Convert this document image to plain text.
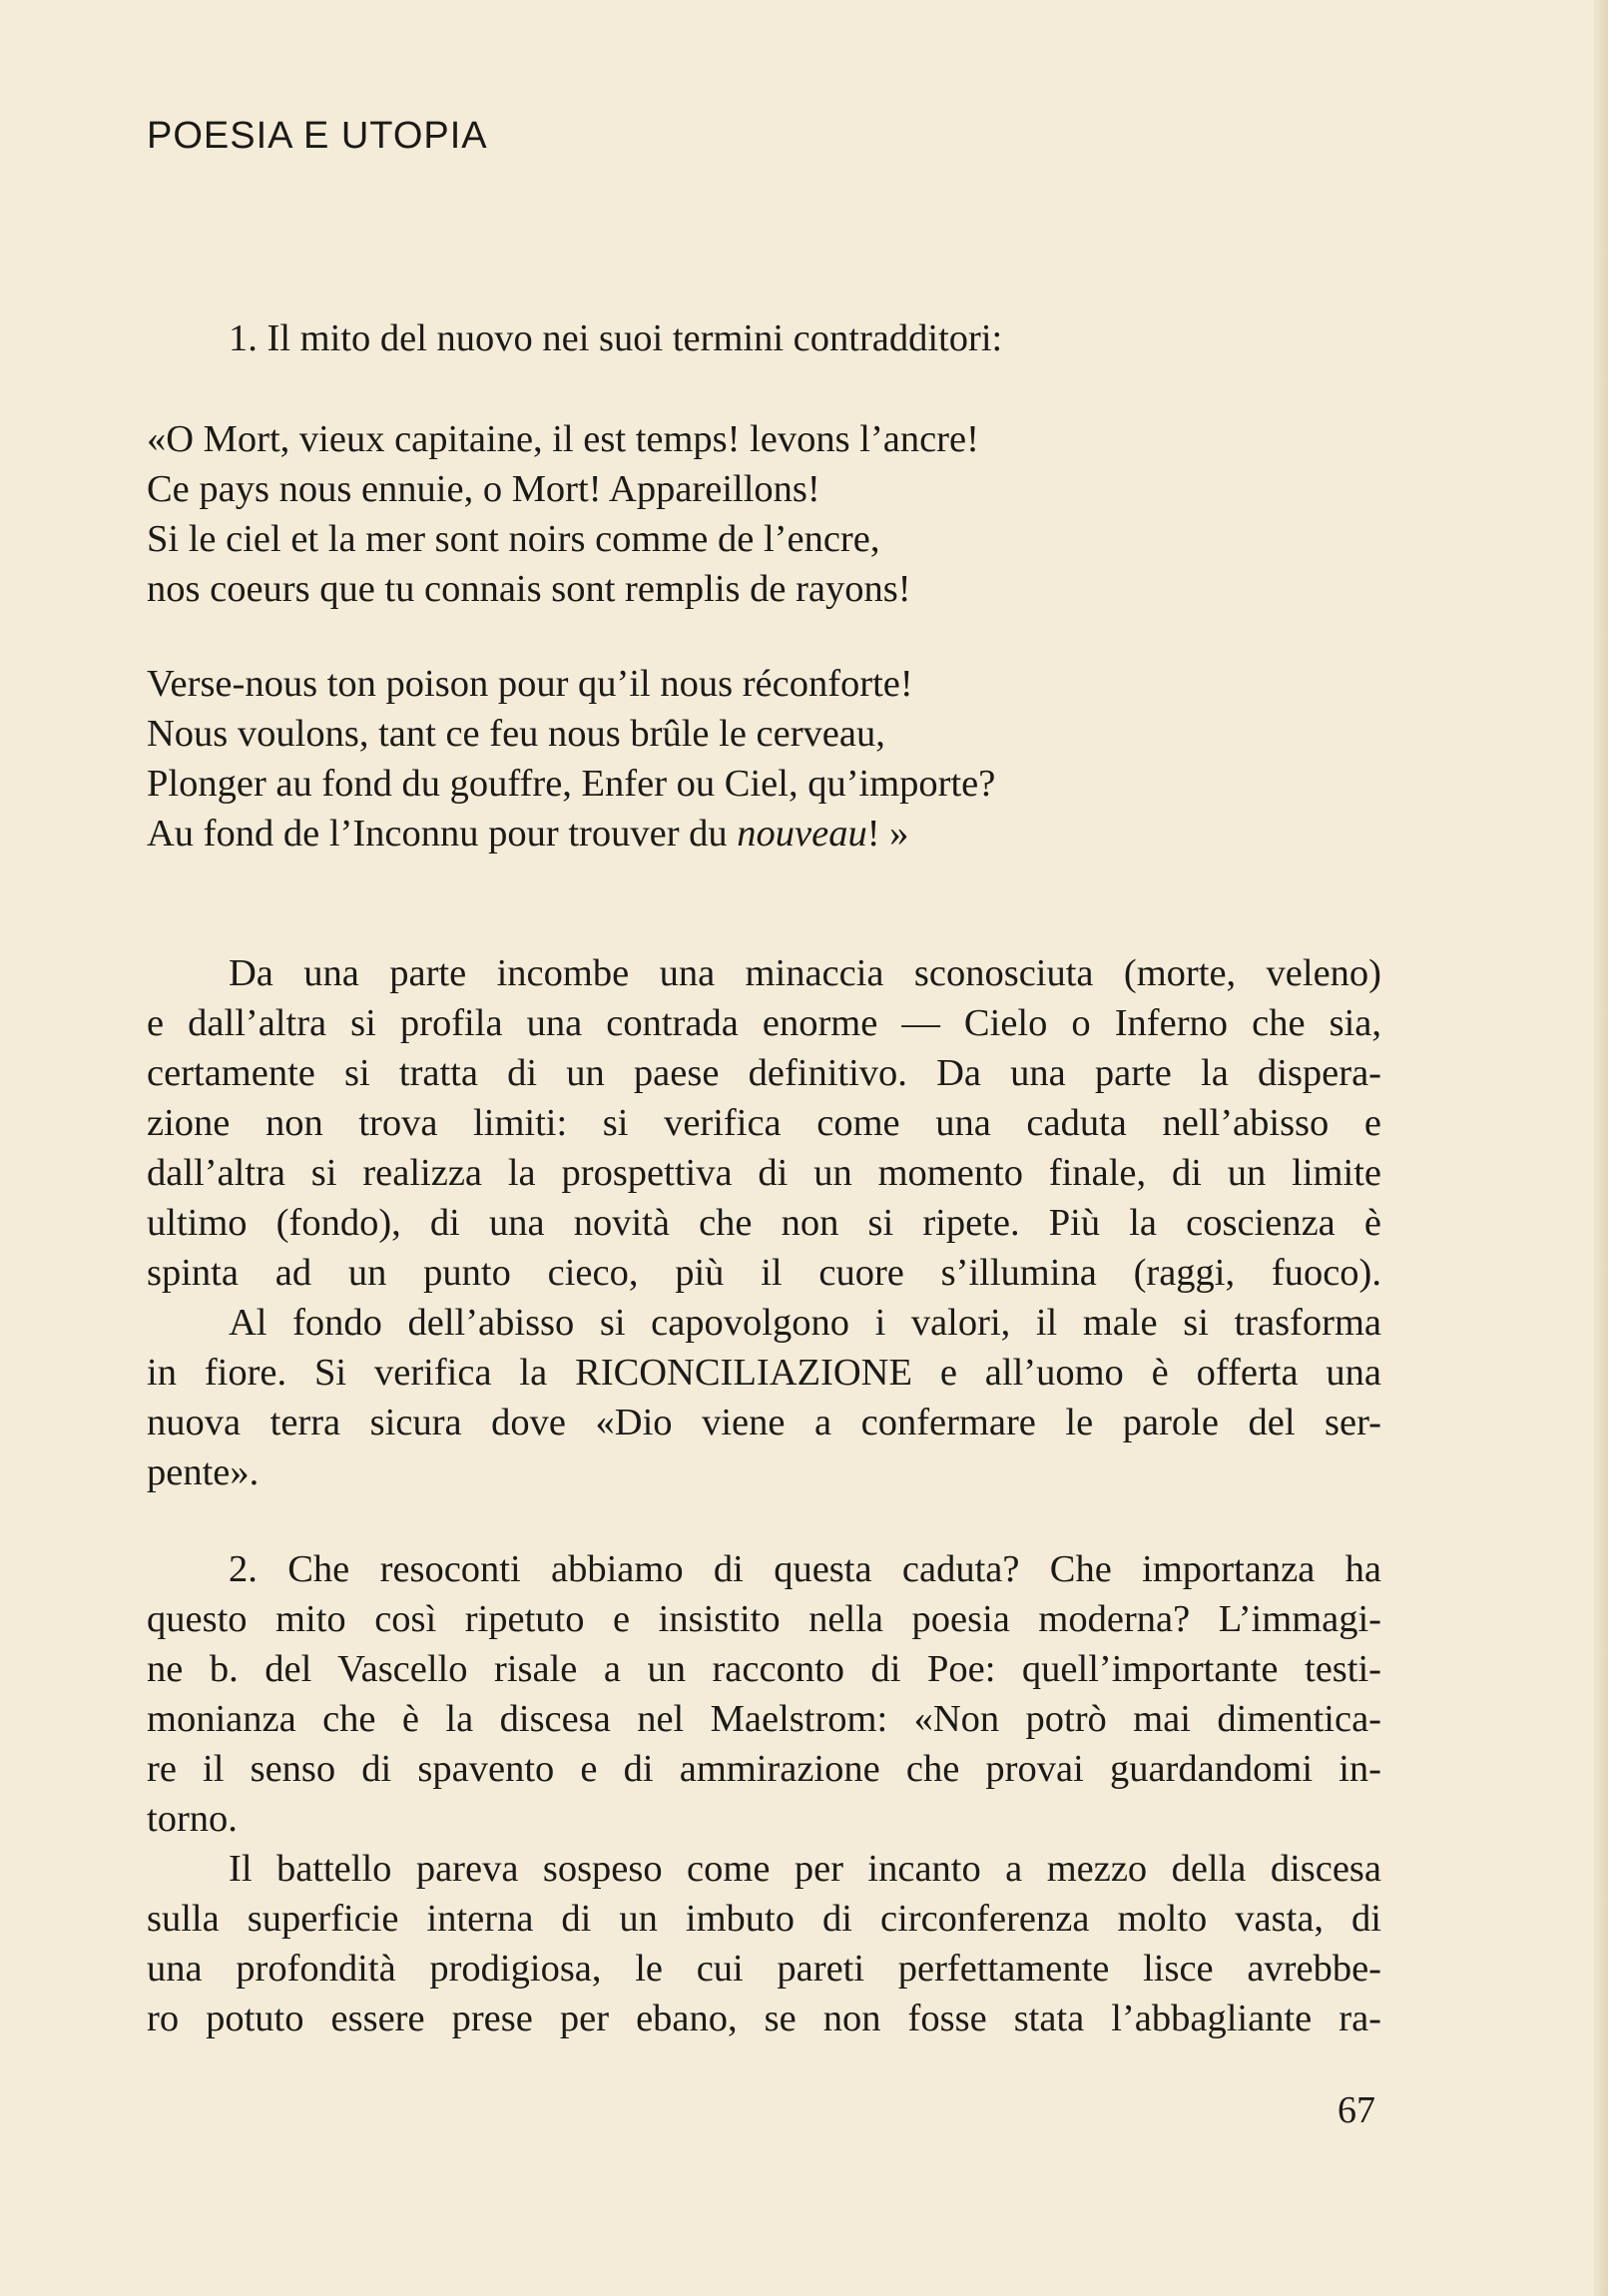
POESIA E UTOPIA
1. Il mito del nuovo nei suoi termini contradditori:
«O Mort, vieux capitaine, il est temps! levons l’ancre!
Ce pays nous ennuie, o Mort! Appareillons!
Si le ciel et la mer sont noirs comme de l’encre,
nos coeurs que tu connais sont remplis de rayons!
Verse-nous ton poison pour qu’il nous réconforte!
Nous voulons, tant ce feu nous brûle le cerveau,
Plonger au fond du gouffre, Enfer ou Ciel, qu’importe?
Au fond de l’Inconnu pour trouver du nouveau! »
Da una parte incombe una minaccia sconosciuta (morte, veleno)
e dall’altra si profila una contrada enorme — Cielo o Inferno che sia,
certamente si tratta di un paese definitivo. Da una parte la dispera-
zione non trova limiti: si verifica come una caduta nell’abisso e
dall’altra si realizza la prospettiva di un momento finale, di un limite
ultimo (fondo), di una novità che non si ripete. Più la coscienza è
spinta ad un punto cieco, più il cuore s’illumina (raggi, fuoco).
Al fondo dell’abisso si capovolgono i valori, il male si trasforma
in fiore. Si verifica la RICONCILIAZIONE e all’uomo è offerta una
nuova terra sicura dove «Dio viene a confermare le parole del ser-
pente».
2. Che resoconti abbiamo di questa caduta? Che importanza ha
questo mito così ripetuto e insistito nella poesia moderna? L’immagi-
ne b. del Vascello risale a un racconto di Poe: quell’importante testi-
monianza che è la discesa nel Maelstrom: «Non potrò mai dimentica-
re il senso di spavento e di ammirazione che provai guardandomi in-
torno.
Il battello pareva sospeso come per incanto a mezzo della discesa
sulla superficie interna di un imbuto di circonferenza molto vasta, di
una profondità prodigiosa, le cui pareti perfettamente lisce avrebbe-
ro potuto essere prese per ebano, se non fosse stata l’abbagliante ra-
67
